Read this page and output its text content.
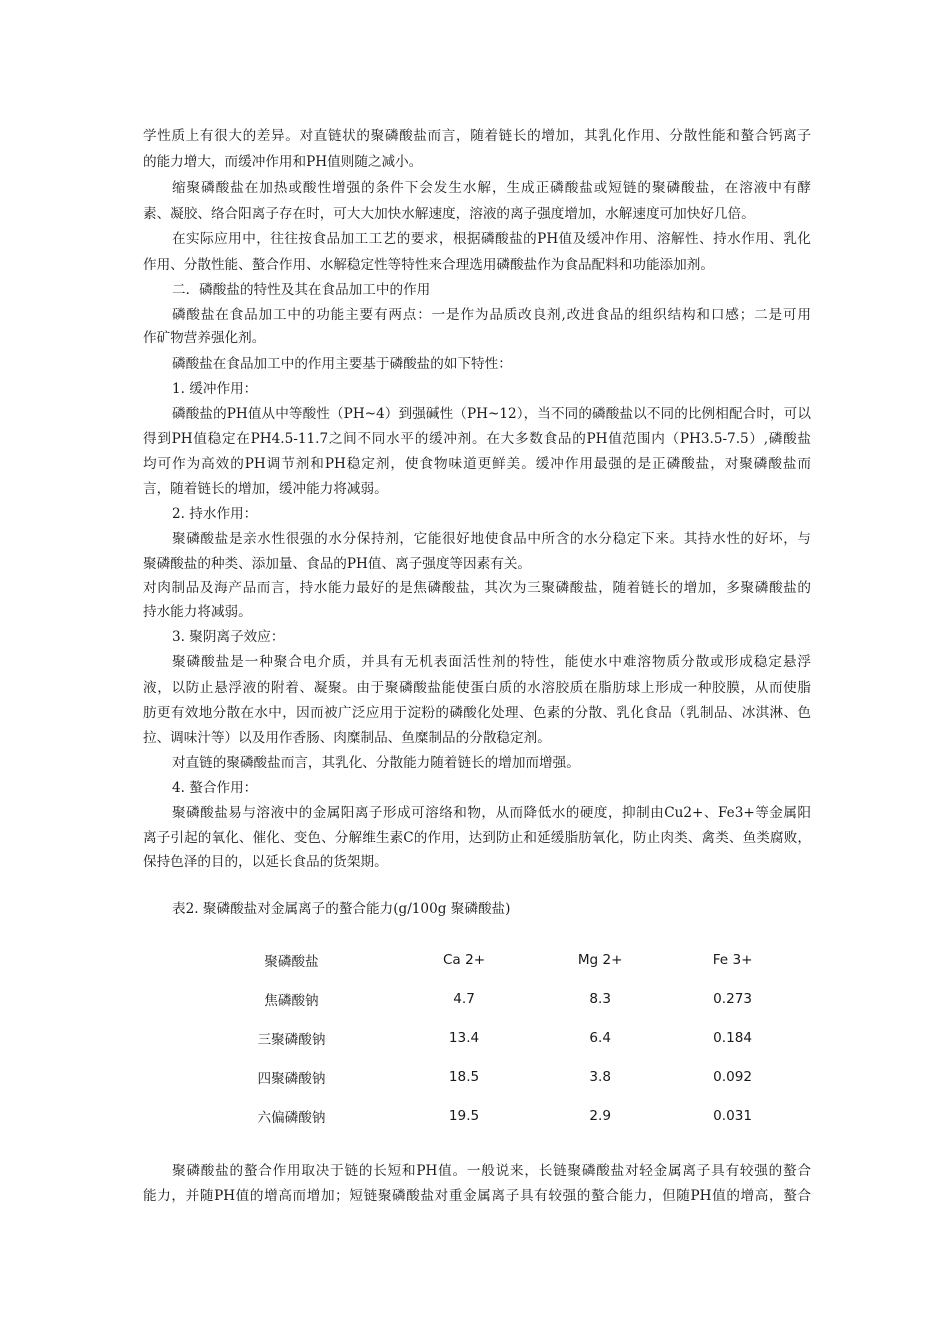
学性质上有很大的差异。对直链状的聚磷酸盐而言，随着链长的增加，其乳化作用、分散性能和螯合钙离子
的能力增大，而缓冲作用和PH值则随之减小。
缩聚磷酸盐在加热或酸性增强的条件下会发生水解，生成正磷酸盐或短链的聚磷酸盐，在溶液中有酵
素、凝胶、络合阳离子存在时，可大大加快水解速度，溶液的离子强度增加，水解速度可加快好几倍。
在实际应用中，往往按食品加工工艺的要求，根据磷酸盐的PH值及缓冲作用、溶解性、持水作用、乳化
作用、分散性能、螯合作用、水解稳定性等特性来合理选用磷酸盐作为食品配料和功能添加剂。
二．磷酸盐的特性及其在食品加工中的作用
磷酸盐在食品加工中的功能主要有两点：一是作为品质改良剂,改进食品的组织结构和口感；二是可用
作矿物营养强化剂。
磷酸盐在食品加工中的作用主要基于磷酸盐的如下特性：
1. 缓冲作用：
磷酸盐的PH值从中等酸性（PH~4）到强碱性（PH~12），当不同的磷酸盐以不同的比例相配合时，可以
得到PH值稳定在PH4.5-11.7之间不同水平的缓冲剂。在大多数食品的PH值范围内（PH3.5-7.5）,磷酸盐
均可作为高效的PH调节剂和PH稳定剂，使食物味道更鲜美。缓冲作用最强的是正磷酸盐，对聚磷酸盐而
言，随着链长的增加，缓冲能力将减弱。
2. 持水作用：
聚磷酸盐是亲水性很强的水分保持剂，它能很好地使食品中所含的水分稳定下来。其持水性的好坏，与
聚磷酸盐的种类、添加量、食品的PH值、离子强度等因素有关。
对肉制品及海产品而言，持水能力最好的是焦磷酸盐，其次为三聚磷酸盐，随着链长的增加，多聚磷酸盐的
持水能力将减弱。
3. 聚阴离子效应：
聚磷酸盐是一种聚合电介质，并具有无机表面活性剂的特性，能使水中难溶物质分散或形成稳定悬浮
液，以防止悬浮液的附着、凝聚。由于聚磷酸盐能使蛋白质的水溶胶质在脂肪球上形成一种胶膜，从而使脂
肪更有效地分散在水中，因而被广泛应用于淀粉的磷酸化处理、色素的分散、乳化食品（乳制品、冰淇淋、色
拉、调味汁等）以及用作香肠、肉糜制品、鱼糜制品的分散稳定剂。
对直链的聚磷酸盐而言，其乳化、分散能力随着链长的增加而增强。
4. 螯合作用：
聚磷酸盐易与溶液中的金属阳离子形成可溶络和物，从而降低水的硬度，抑制由Cu2+、Fe3+等金属阳
离子引起的氧化、催化、变色、分解维生素C的作用，达到防止和延缓脂肪氧化，防止肉类、禽类、鱼类腐败，
保持色泽的目的，以延长食品的货架期。
表2. 聚磷酸盐对金属离子的螯合能力(g/100g 聚磷酸盐)
聚磷酸盐	Ca 2+	Mg 2+	Fe 3+
焦磷酸钠	4.7	8.3	0.273
三聚磷酸钠	13.4	6.4	0.184
四聚磷酸钠	18.5	3.8	0.092
六偏磷酸钠	19.5	2.9	0.031
聚磷酸盐的螯合作用取决于链的长短和PH值。一般说来，长链聚磷酸盐对轻金属离子具有较强的螯合
能力，并随PH值的增高而增加；短链聚磷酸盐对重金属离子具有较强的螯合能力，但随PH值的增高，螯合
